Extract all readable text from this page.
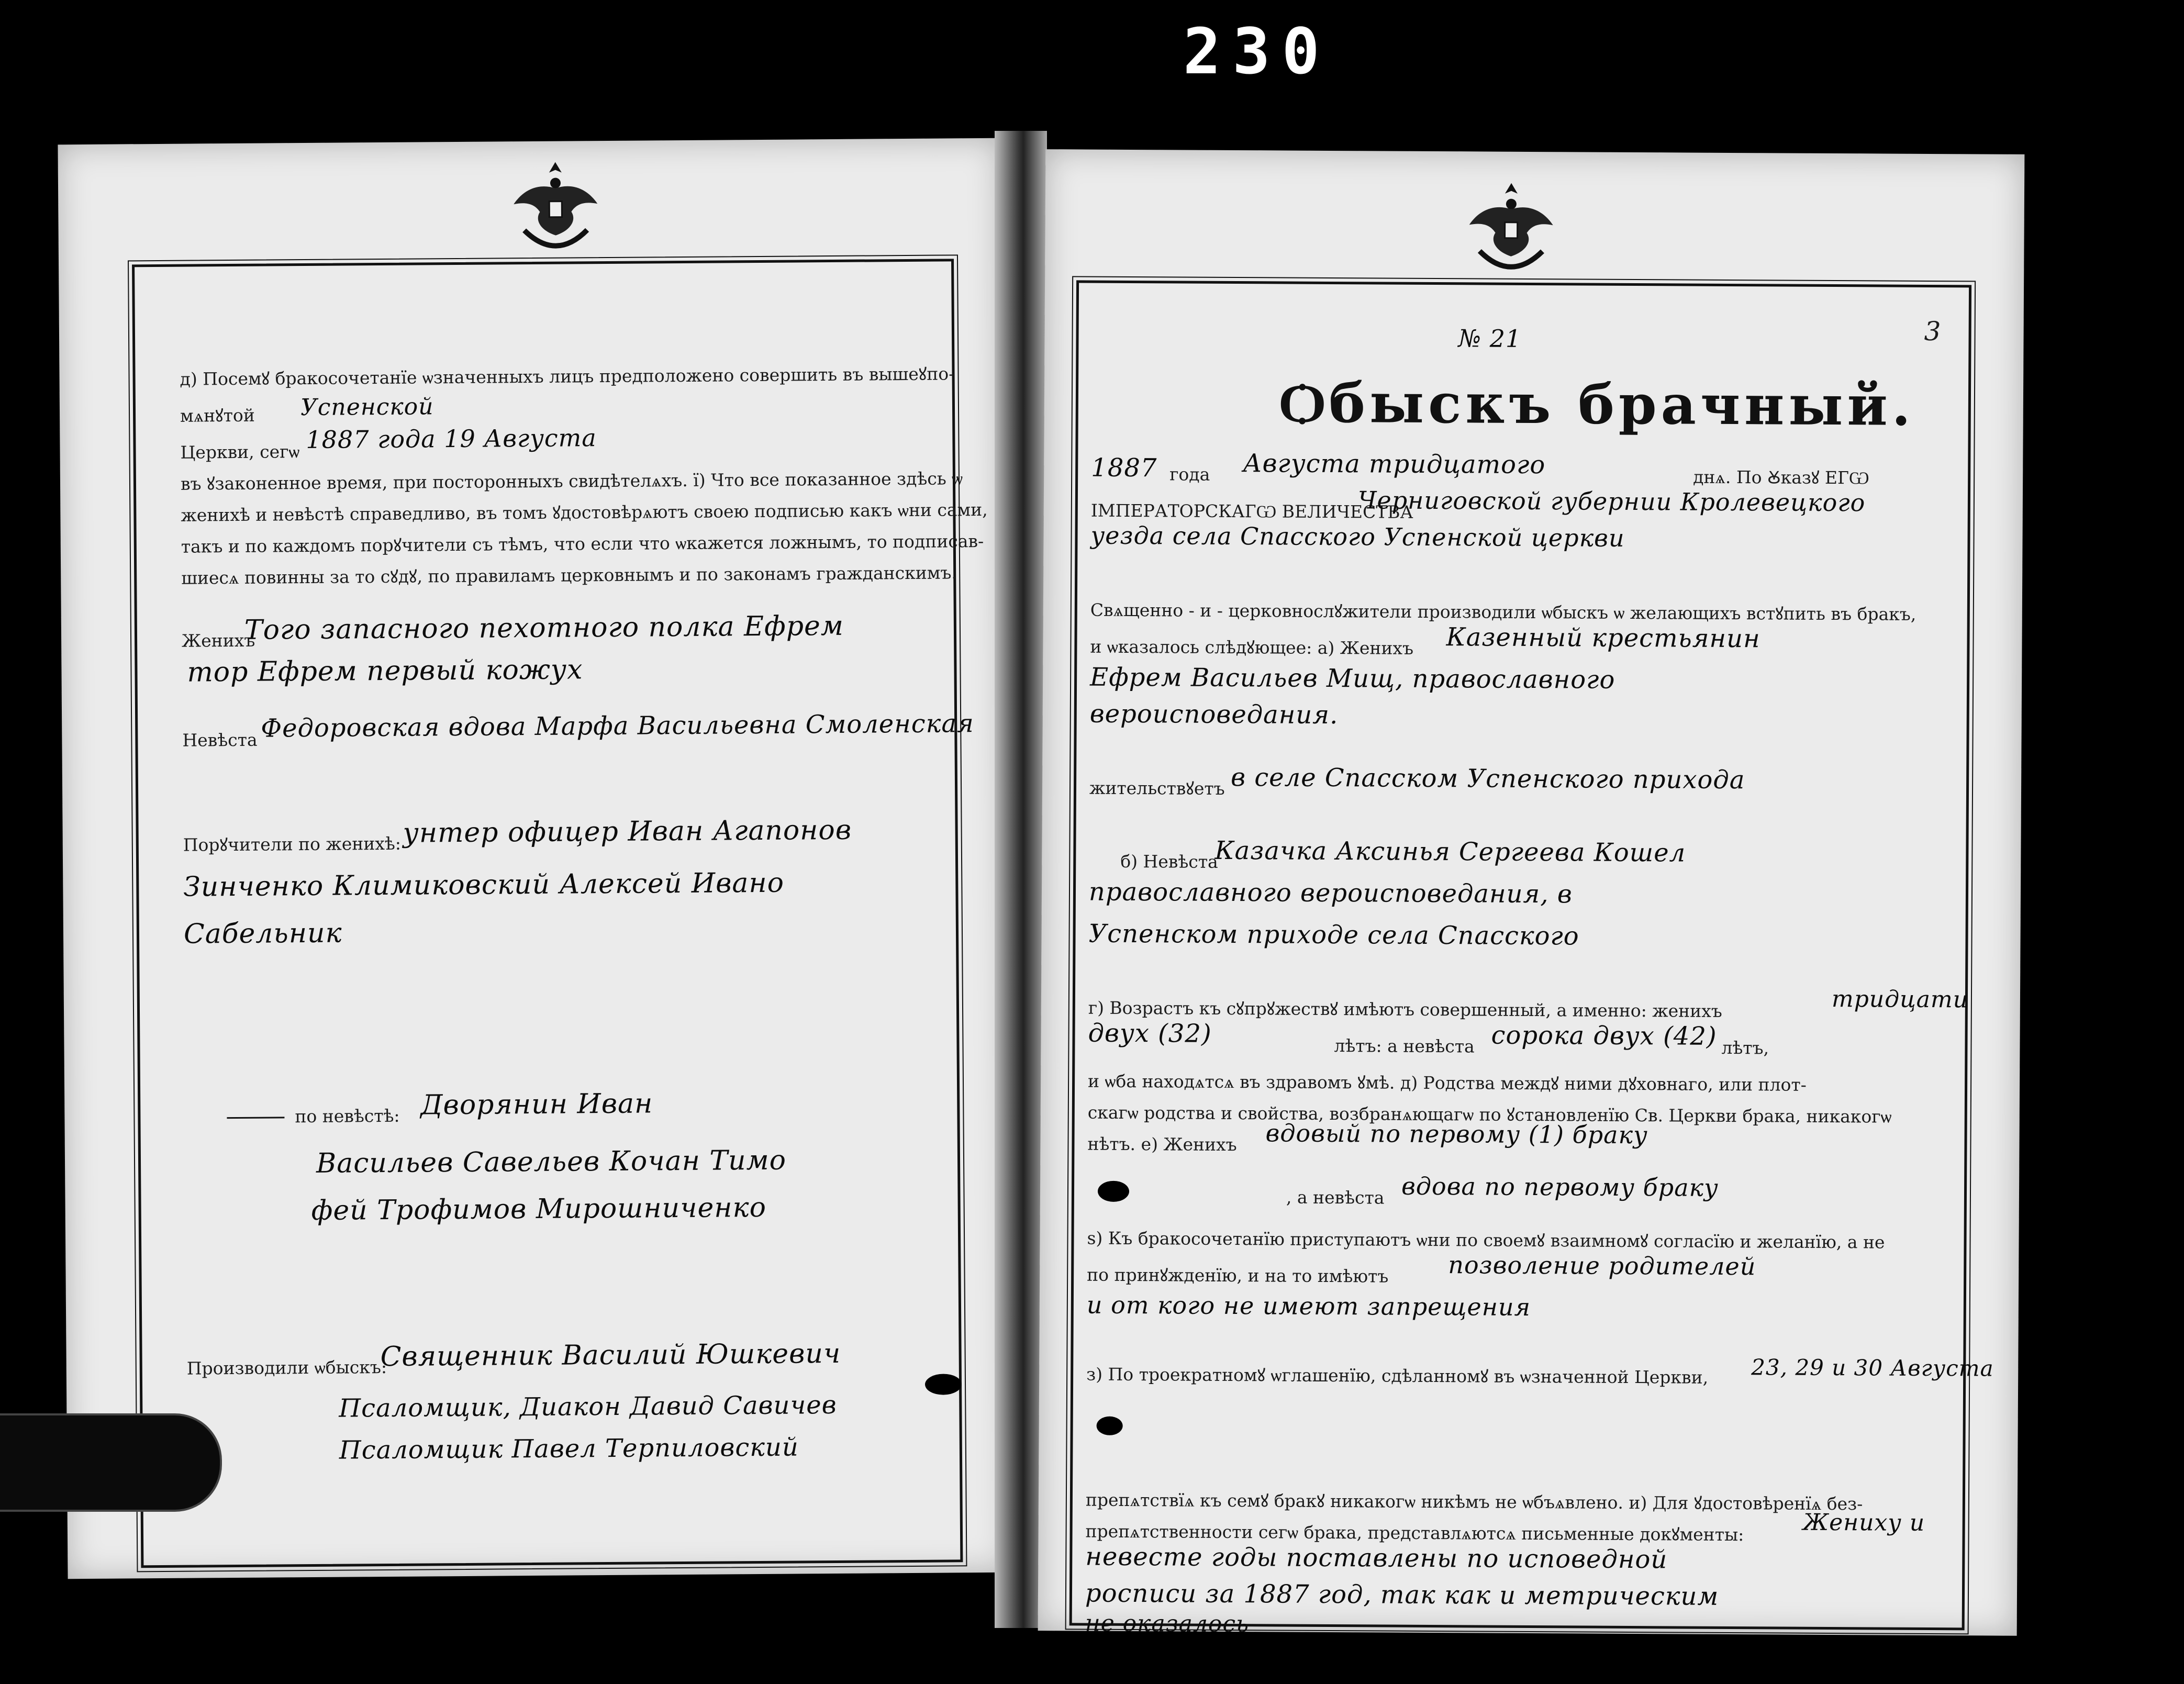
230
д) Посемꙋ бракосочетанїе ѡзначенныхъ лицъ предположено совершить въ вышеꙋпо-
мѧнꙋтой Успенской
Церкви, сегѡ 1887 года 19 Августа
въ ꙋзаконенное время, при посторонныхъ свидѣтелѧхъ. ї) Что все показанное здѣсь ѡ
женихѣ и невѣстѣ справедливо, въ томъ ꙋдостовѣрѧютъ своею подписью какъ ѡни сами,
такъ и по каждомъ порꙋчители съ тѣмъ, что если что ѡкажется ложнымъ, то подписав-
шиесѧ повинны за то сꙋдꙋ, по правиламъ церковнымъ и по законамъ гражданскимъ.
Женихъ
Того запасного пехотного полка Ефрем
тор Ефрем первый кожух
Невѣста Федоровская вдова Марфа Васильевна Смоленская
Порꙋчители по женихѣ: унтер офицер Иван Агапонов
Зинченко Климиковский Алексей Ивано
Сабельник
по невѣстѣ: Дворянин Иван
Васильев Савельев Кочан Тимо
фей Трофимов Мирошниченко
Производили ѡбыскъ:
Священник Василий Юшкевич
Псаломщик, Диакон Давид Савичев
Псаломщик Павел Терпиловский
3
№ 21
Ѻбыскъ брачный.
1887 года Августа тридцатого	днѧ. По Ꙋказꙋ ЕГѠ
ІМПЕРАТОРСКАГѠ ВЕЛИЧЕСТВА
Черниговской губернии Кролевецкого
уезда села Спасского Успенской церкви
Свѧщенно - и - церковнослꙋжители производили ѡбыскъ ѡ желающихъ встꙋпить въ бракъ,
и ѡказалось слѣдꙋющее: а) Женихъ Казенный крестьянин
Ефрем Васильев Мищ, православного
вероисповедания.
жительствꙋетъ в селе Спасском Успенского прихода
б) Невѣста
Казачка Аксинья Сергеева Кошел
православного вероисповедания, в
Успенском приходе села Спасского
г) Возрастъ къ сꙋпрꙋжествꙋ имѣютъ совершенный, а именно: женихъ	тридцати
двух (32)	лѣтъ: а невѣста сорока двух (42) лѣтъ,
и ѡба находѧтсѧ въ здравомъ ꙋмѣ. д) Родства междꙋ ними дꙋховнаго, или плот-
скагѡ родства и свойства, возбранѧющагѡ по ꙋстановленїю Св. Церкви брака, никакогѡ
нѣтъ. е) Женихъ вдовый по первому (1) браку
, а невѣста вдова по первому браку
ѕ) Къ бракосочетанїю приступаютъ ѡни по своемꙋ взаимномꙋ согласїю и желанїю, а не
по принꙋжденїю, и на то имѣютъ позволение родителей
и от кого не имеют запрещения
з) По троекратномꙋ ѡглашенїю, сдѣланномꙋ въ ѡзначенной Церкви, 23, 29 и 30 Августа
препѧтствїѧ къ семꙋ бракꙋ никакогѡ никѣмъ не ѡбъѧвлено. и) Для ꙋдостовѣренїѧ без-
препѧтственности сегѡ брака, представлѧютсѧ письменные докꙋменты:	Жениху и
невесте годы поставлены по исповедной
росписи за 1887 год, так как и метрическим
не оказалось
